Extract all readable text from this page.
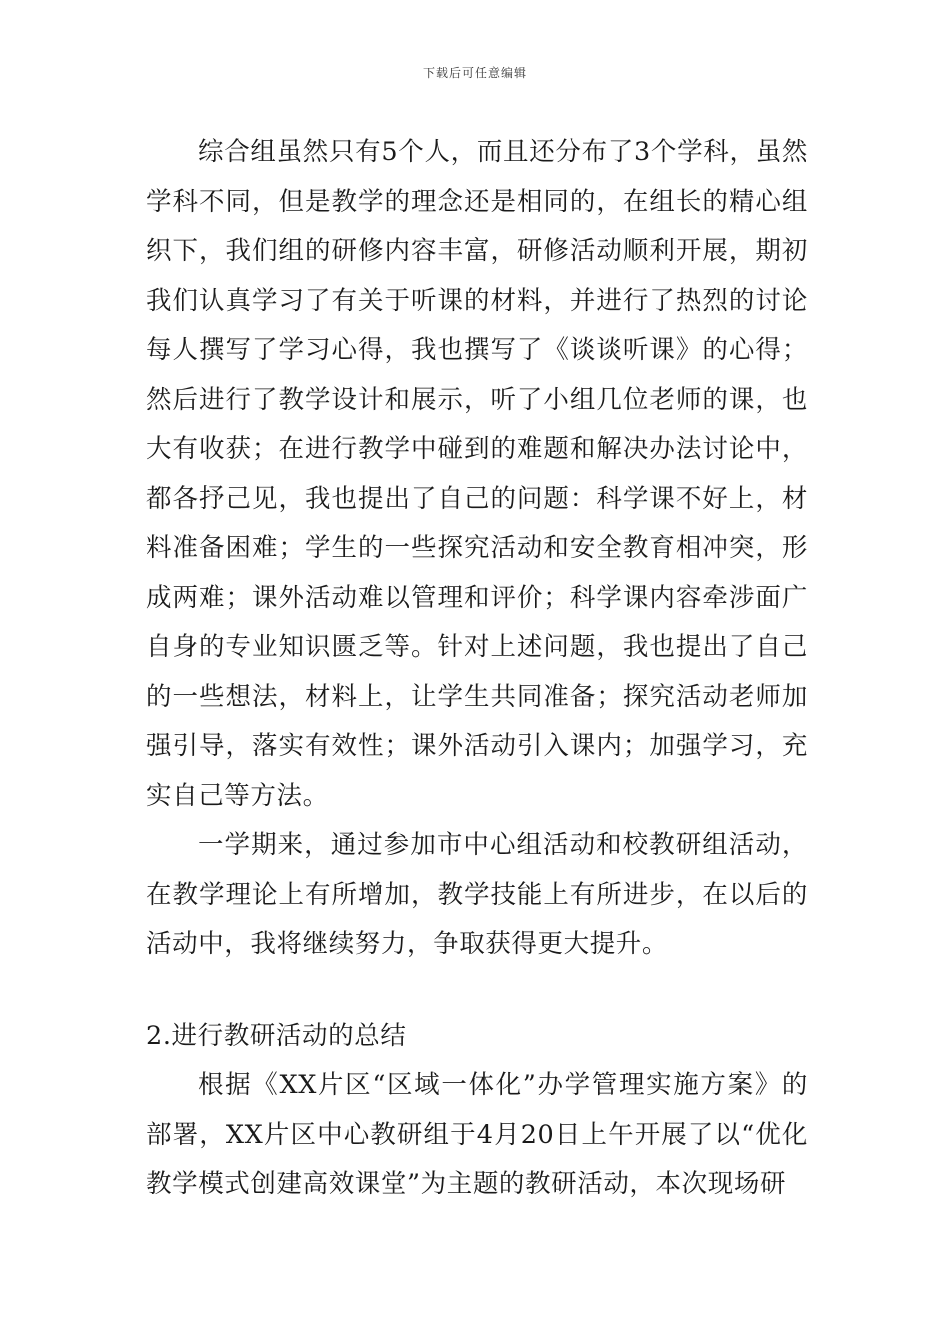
下载后可任意编辑

综合组虽然只有5个人，而且还分布了3个学科，虽然学科不同，但是教学的理念还是相同的，在组长的精心组织下，我们组的研修内容丰富，研修活动顺利开展，期初我们认真学习了有关于听课的材料，并进行了热烈的讨论每人撰写了学习心得，我也撰写了《谈谈听课》的心得；然后进行了教学设计和展示，听了小组几位老师的课，也大有收获；在进行教学中碰到的难题和解决办法讨论中，都各抒己见，我也提出了自己的问题：科学课不好上，材料准备困难；学生的一些探究活动和安全教育相冲突，形成两难；课外活动难以管理和评价；科学课内容牵涉面广自身的专业知识匮乏等。针对上述问题，我也提出了自己的一些想法，材料上，让学生共同准备；探究活动老师加强引导，落实有效性；课外活动引入课内；加强学习，充实自己等方法。

一学期来，通过参加市中心组活动和校教研组活动，在教学理论上有所增加，教学技能上有所进步，在以后的活动中，我将继续努力，争取获得更大提升。

2.进行教研活动的总结

根据《XX片区“区域一体化”办学管理实施方案》的部署，XX片区中心教研组于4月20日上午开展了以“优化教学模式创建高效课堂”为主题的教研活动，本次现场研
